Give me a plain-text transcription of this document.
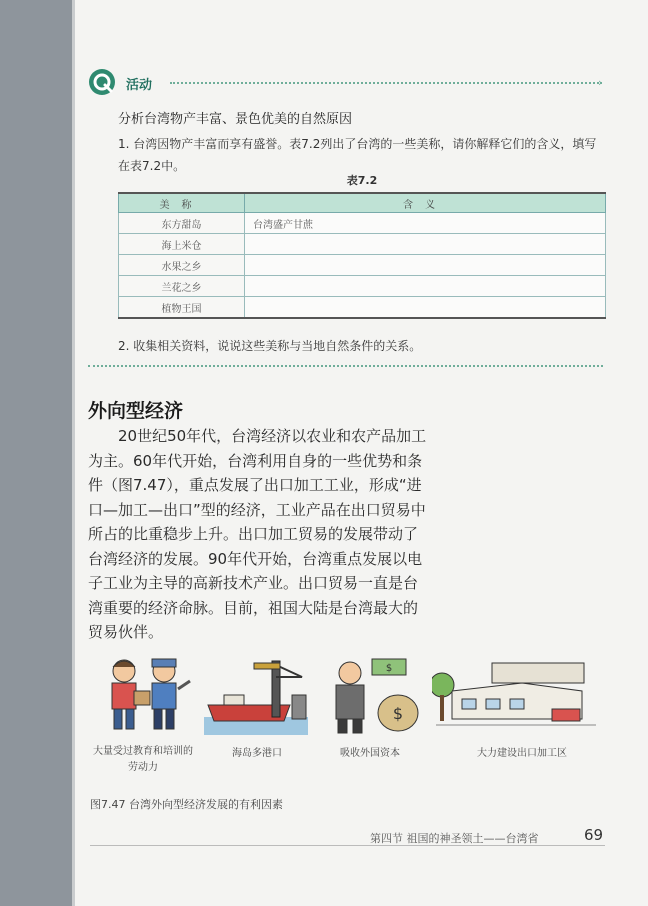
活动	›
分析台湾物产丰富、景色优美的自然原因
1. 台湾因物产丰富而享有盛誉。表7.2列出了台湾的一些美称，请你解释它们的含义，填写在表7.2中。
表7.2
美称	含义
东方甜岛	台湾盛产甘蔗
海上米仓	
水果之乡	
兰花之乡	
植物王国	
2. 收集相关资料，说说这些美称与当地自然条件的关系。
外向型经济

20世纪50年代，台湾经济以农业和农产品加工为主。60年代开始，台湾利用自身的一些优势和条件（图7.47），重点发展了出口加工工业，形成“进口—加工—出口”型的经济，工业产品在出口贸易中所占的比重稳步上升。出口加工贸易的发展带动了台湾经济的发展。90年代开始，台湾重点发展以电子工业为主导的高新技术产业。出口贸易一直是台湾重要的经济命脉。目前，祖国大陆是台湾最大的贸易伙伴。

大量受过教育和培训的劳动力
海岛多港口
$
$
吸收外国资本	大力建设出口加工区
图7.47 台湾外向型经济发展的有利因素
第四节 祖国的神圣领土——台湾省	69
